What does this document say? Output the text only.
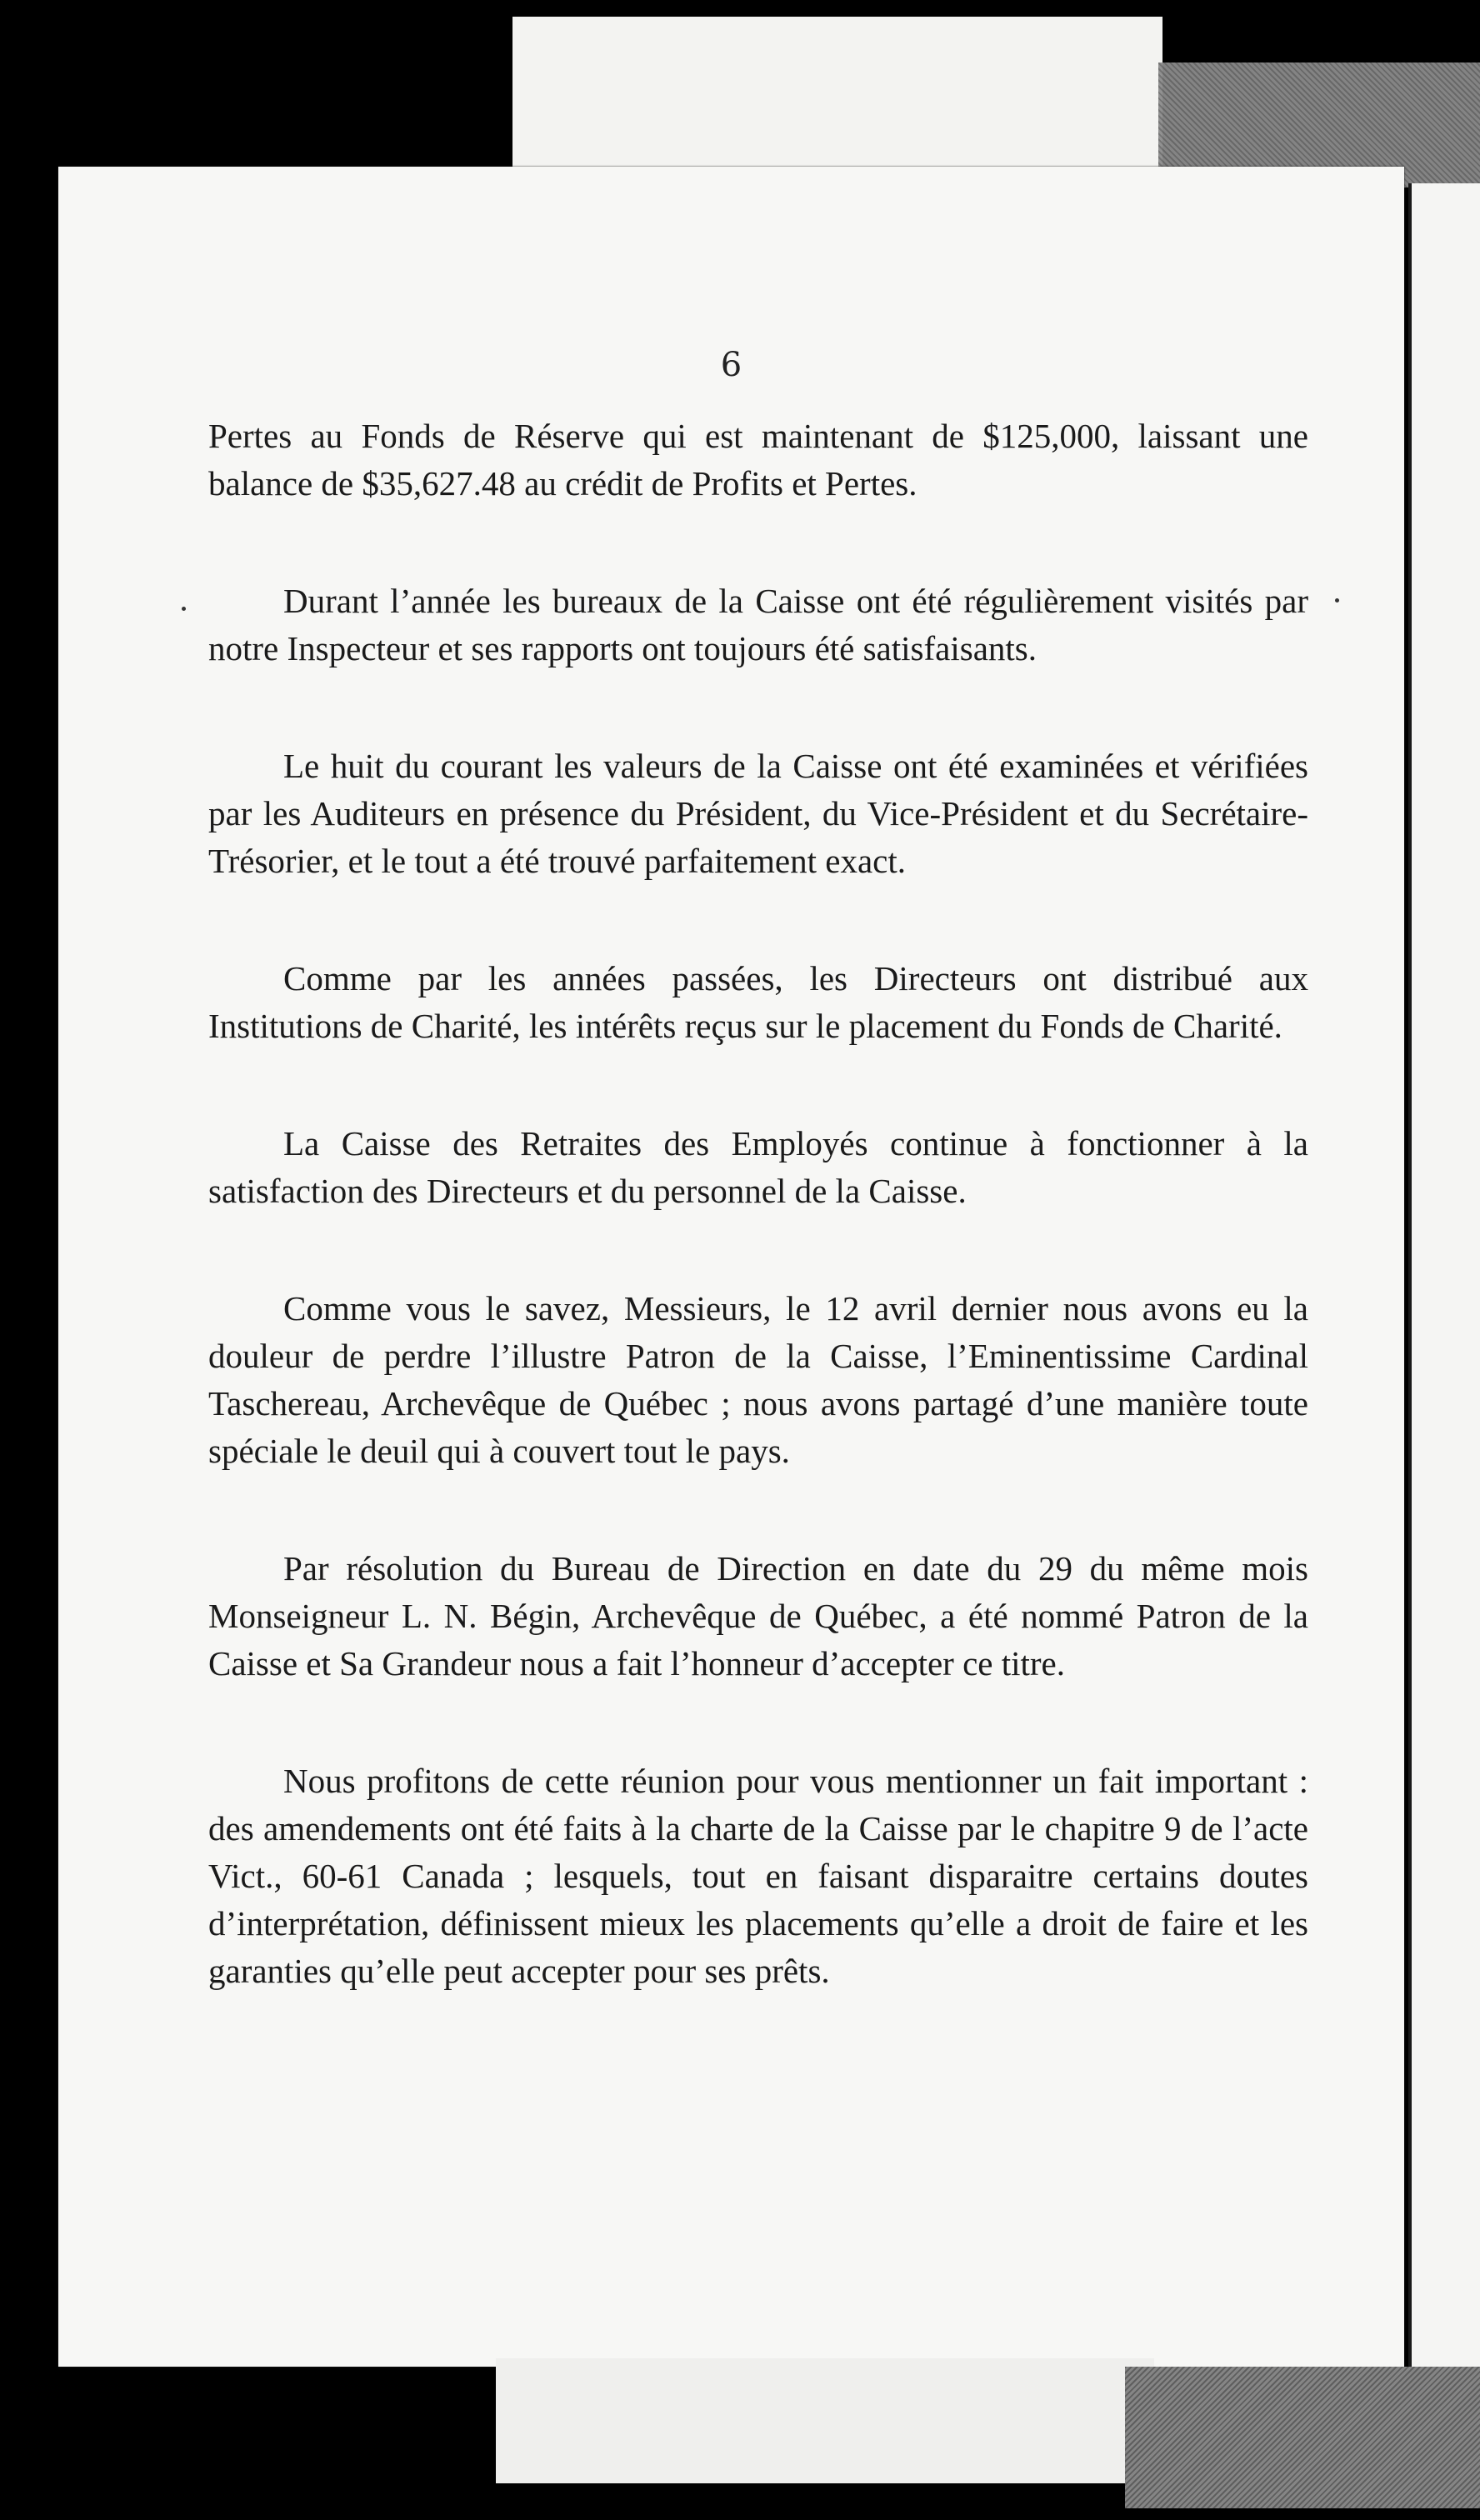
6

Pertes au Fonds de Réserve qui est maintenant de $125,000, laissant une balance de $35,627.48 au crédit de Profits et Pertes.

Durant l’année les bureaux de la Caisse ont été régulièrement visités par notre Inspecteur et ses rapports ont toujours été satisfaisants.

Le huit du courant les valeurs de la Caisse ont été examinées et vérifiées par les Auditeurs en présence du Président, du Vice-Président et du Secrétaire-Trésorier, et le tout a été trouvé parfaitement exact.

Comme par les années passées, les Directeurs ont distribué aux Institutions de Charité, les intérêts reçus sur le placement du Fonds de Charité.

La Caisse des Retraites des Employés continue à fonctionner à la satisfaction des Directeurs et du personnel de la Caisse.

Comme vous le savez, Messieurs, le 12 avril dernier nous avons eu la douleur de perdre l’illustre Patron de la Caisse, l’Eminentissime Cardinal Taschereau, Archevêque de Québec ; nous avons partagé d’une manière toute spéciale le deuil qui à couvert tout le pays.

Par résolution du Bureau de Direction en date du 29 du même mois Monseigneur L. N. Bégin, Archevêque de Québec, a été nommé Patron de la Caisse et Sa Grandeur nous a fait l’honneur d’accepter ce titre.

Nous profitons de cette réunion pour vous mentionner un fait important : des amendements ont été faits à la charte de la Caisse par le chapitre 9 de l’acte Vict., 60-61 Canada ; lesquels, tout en faisant disparaitre certains doutes d’interprétation, définissent mieux les placements qu’elle a droit de faire et les garanties qu’elle peut accepter pour ses prêts.
